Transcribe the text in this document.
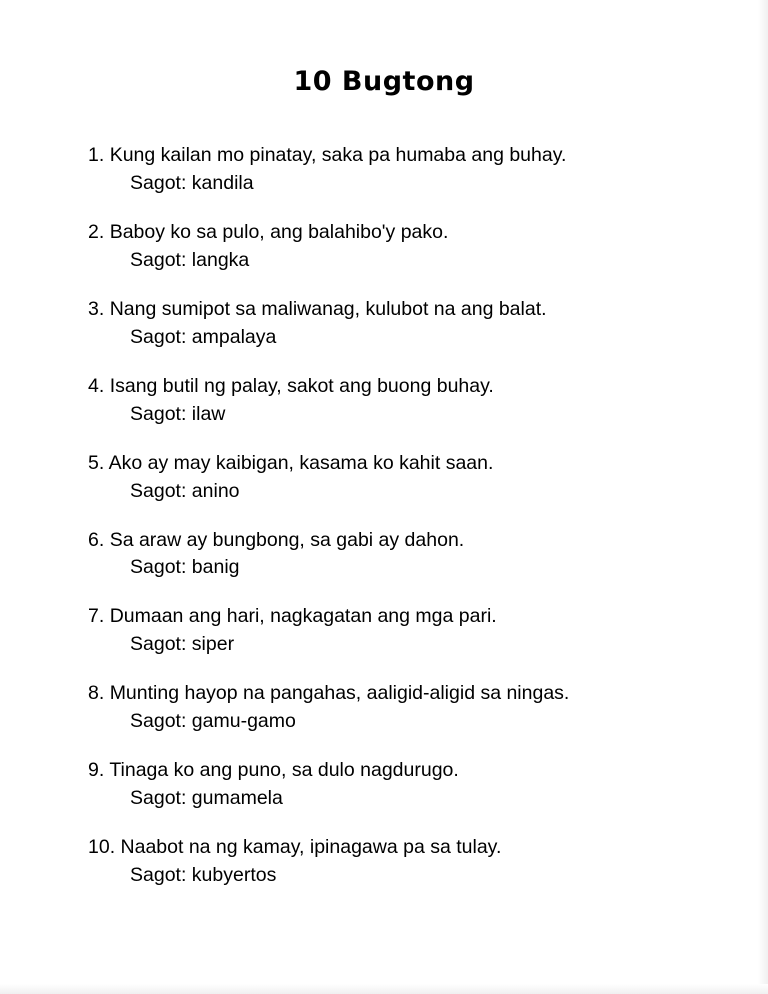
10 Bugtong
1. Kung kailan mo pinatay, saka pa humaba ang buhay.
Sagot: kandila
2. Baboy ko sa pulo, ang balahibo'y pako.
Sagot: langka
3. Nang sumipot sa maliwanag, kulubot na ang balat.
Sagot: ampalaya
4. Isang butil ng palay, sakot ang buong buhay.
Sagot: ilaw
5. Ako ay may kaibigan, kasama ko kahit saan.
Sagot: anino
6. Sa araw ay bungbong, sa gabi ay dahon.
Sagot: banig
7. Dumaan ang hari, nagkagatan ang mga pari.
Sagot: siper
8. Munting hayop na pangahas, aaligid-aligid sa ningas.
Sagot: gamu-gamo
9. Tinaga ko ang puno, sa dulo nagdurugo.
Sagot: gumamela
10. Naabot na ng kamay, ipinagawa pa sa tulay.
Sagot: kubyertos
